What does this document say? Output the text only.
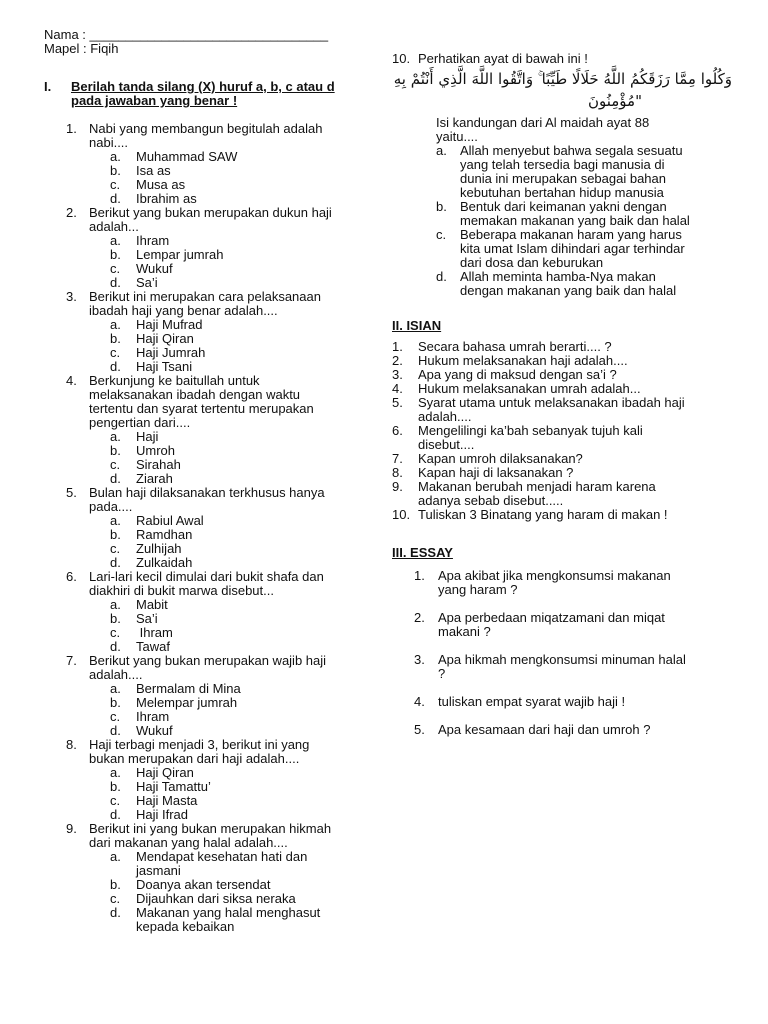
Nama : _________________________________
Mapel : Fiqih
I.	Berilah tanda silang (X) huruf a, b, c atau d
pada jawaban yang benar !
1. Nabi yang membangun begitulah adalah
nabi....
a. Muhammad SAW
b. Isa as
c. Musa as
d. Ibrahim as
2. Berikut yang bukan merupakan dukun haji
adalah...
a. Ihram
b. Lempar jumrah
c. Wukuf
d. Sa’i
3. Berikut ini merupakan cara pelaksanaan
ibadah haji yang benar adalah....
a. Haji Mufrad
b. Haji Qiran
c. Haji Jumrah
d. Haji Tsani
4. Berkunjung ke baitullah untuk
melaksanakan ibadah dengan waktu
tertentu dan syarat tertentu merupakan
pengertian dari....
a. Haji
b. Umroh
c. Sirahah
d. Ziarah
5. Bulan haji dilaksanakan terkhusus hanya
pada....
a. Rabiul Awal
b. Ramdhan
c. Zulhijah
d. Zulkaidah
6. Lari-lari kecil dimulai dari bukit shafa dan
diakhiri di bukit marwa disebut...
a. Mabit
b. Sa’i
c. Ihram
d. Tawaf
7. Berikut yang bukan merupakan wajib haji
adalah....
a. Bermalam di Mina
b. Melempar jumrah
c. Ihram
d. Wukuf
8. Haji terbagi menjadi 3, berikut ini yang
bukan merupakan dari haji adalah....
a. Haji Qiran
b. Haji Tamattu’
c. Haji Masta
d. Haji Ifrad
9. Berikut ini yang bukan merupakan hikmah
dari makanan yang halal adalah....
a. Mendapat kesehatan hati dan
jasmani
b. Doanya akan tersendat
c. Dijauhkan dari siksa neraka
d. Makanan yang halal menghasut
kepada kebaikan
10. Perhatikan ayat di bawah ini !
وَكُلُوا مِمَّا رَزَقَكُمُ اللَّهُ حَلَالًا طَيِّبًا ۚ وَاتَّقُوا اللَّهَ الَّذِي أَنْتُمْ بِهِ
"مُؤْمِنُونَ
Isi kandungan dari Al maidah ayat 88
yaitu....
a. Allah menyebut bahwa segala sesuatu
yang telah tersedia bagi manusia di
dunia ini merupakan sebagai bahan
kebutuhan bertahan hidup manusia
b. Bentuk dari keimanan yakni dengan
memakan makanan yang baik dan halal
c. Beberapa makanan haram yang harus
kita umat Islam dihindari agar terhindar
dari dosa dan keburukan
d. Allah meminta hamba-Nya makan
dengan makanan yang baik dan halal
II. ISIAN
1. Secara bahasa umrah berarti.... ?
2. Hukum melaksanakan haji adalah....
3. Apa yang di maksud dengan sa’i ?
4. Hukum melaksanakan umrah adalah...
5. Syarat utama untuk melaksanakan ibadah haji
adalah....
6. Mengelilingi ka’bah sebanyak tujuh kali
disebut....
7. Kapan umroh dilaksanakan?
8. Kapan haji di laksanakan ?
9. Makanan berubah menjadi haram karena
adanya sebab disebut.....
10. Tuliskan 3 Binatang yang haram di makan !
III. ESSAY
1. Apa akibat jika mengkonsumsi makanan
yang haram ?
2. Apa perbedaan miqatzamani dan miqat
makani ?
3. Apa hikmah mengkonsumsi minuman halal
?
4. tuliskan empat syarat wajib haji !
5. Apa kesamaan dari haji dan umroh ?
